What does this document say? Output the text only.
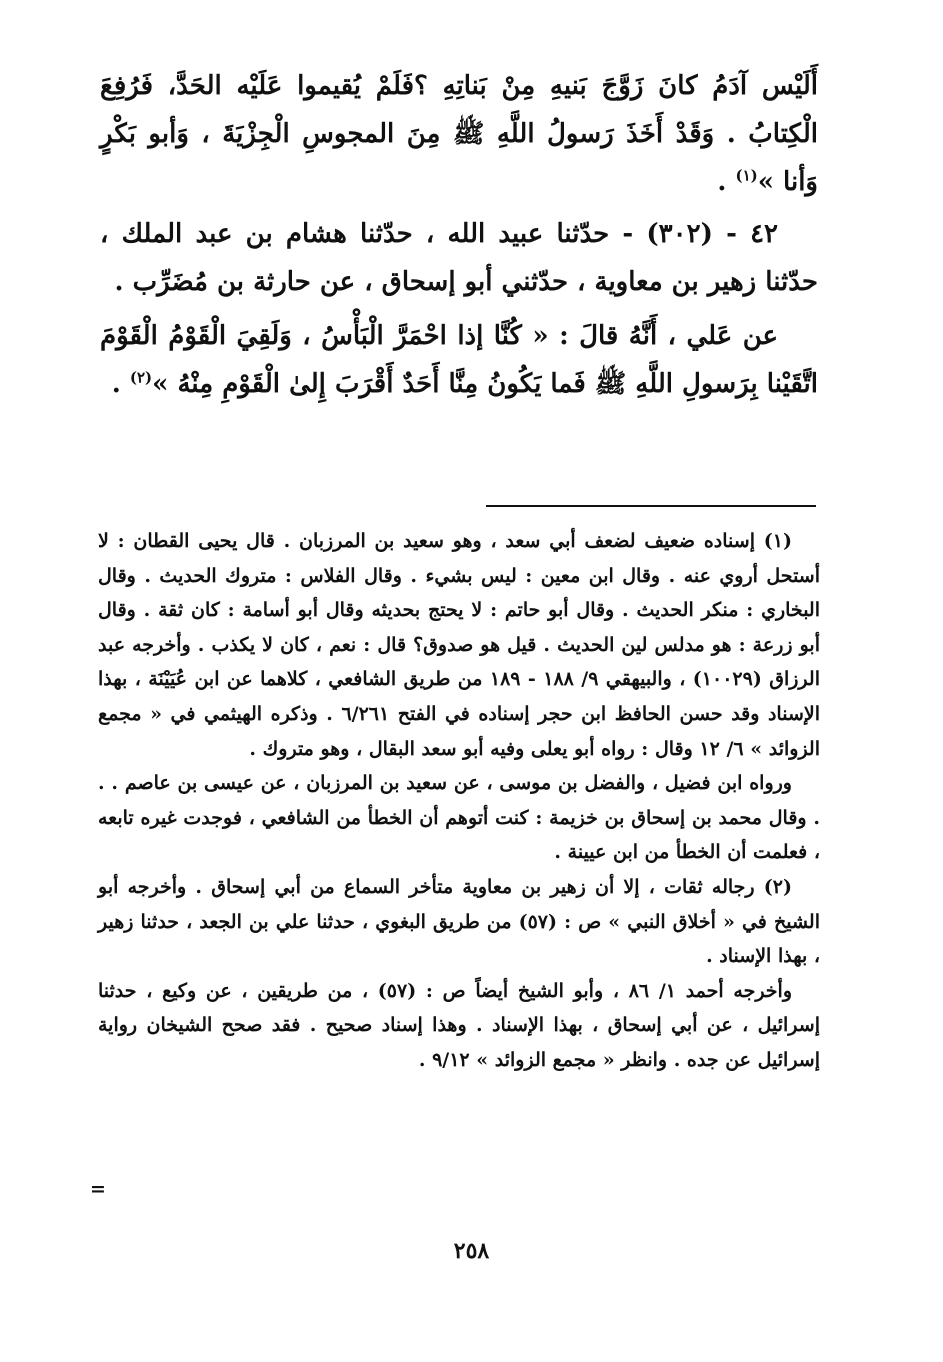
أَلَيْس آدَمُ كانَ زَوَّجَ بَنيهِ مِنْ بَناتِهِ ؟فَلَمْ يُقيموا عَلَيْه الحَدَّ، فَرُفِعَ الْكِتابُ . وَقَدْ أَخَذَ رَسولُ اللَّهِ ﷺ مِنَ المجوسِ الْجِزْيَةَ ، وَأبو بَكْرٍ وَأنا »$^{(١)}$ .

٤٢ - (٣٠٢) - حدّثنا عبيد الله ، حدّثنا هشام بن عبد الملك ، حدّثنا زهير بن معاوية ، حدّثني أبو إسحاق ، عن حارثة بن مُضَرِّب .

عن عَلي ، أَنَّهُ قالَ : « كُنَّا إذا احْمَرَّ الْبَأْسُ ، وَلَقِيَ الْقَوْمُ الْقَوْمَ اتَّقَيْنا بِرَسولِ اللَّهِ ﷺ فَما يَكُونُ مِنَّا أَحَدٌ أَقْرَبَ إِلىٰ الْقَوْمِ مِنْهُ »$^{(٢)}$ .

(١) إسناده ضعيف لضعف أبي سعد ، وهو سعيد بن المرزبان . قال يحيى القطان : لا أستحل أروي عنه . وقال ابن معين : ليس بشيء . وقال الفلاس : متروك الحديث . وقال البخاري : منكر الحديث . وقال أبو حاتم : لا يحتج بحديثه وقال أبو أسامة : كان ثقة . وقال أبو زرعة : هو مدلس لين الحديث . قيل هو صدوق؟ قال : نعم ، كان لا يكذب . وأخرجه عبد الرزاق (١٠٠٢٩) ، والبيهقي ٩/ ١٨٨ - ١٨٩ من طريق الشافعي ، كلاهما عن ابن عُيَيْنَة ، بهذا الإسناد وقد حسن الحافظ ابن حجر إسناده في الفتح ٦/٢٦١ . وذكره الهيثمي في « مجمع الزوائد » ٦/ ١٢ وقال : رواه أبو يعلى وفيه أبو سعد البقال ، وهو متروك .

ورواه ابن فضيل ، والفضل بن موسى ، عن سعيد بن المرزبان ، عن عيسى بن عاصم . . . وقال محمد بن إسحاق بن خزيمة : كنت أتوهم أن الخطأ من الشافعي ، فوجدت غيره تابعه ، فعلمت أن الخطأ من ابن عيينة .

(٢) رجاله ثقات ، إلا أن زهير بن معاوية متأخر السماع من أبي إسحاق . وأخرجه أبو الشيخ في « أخلاق النبي » ص : (٥٧) من طريق البغوي ، حدثنا علي بن الجعد ، حدثنا زهير ، بهذا الإسناد .

وأخرجه أحمد ١/ ٨٦ ، وأبو الشيخ أيضاً ص : (٥٧) ، من طريقين ، عن وكيع ، حدثنا إسرائيل ، عن أبي إسحاق ، بهذا الإسناد . وهذا إسناد صحيح . فقد صحح الشيخان رواية إسرائيل عن جده . وانظر « مجمع الزوائد » ٩/١٢ .

=
٢٥٨
